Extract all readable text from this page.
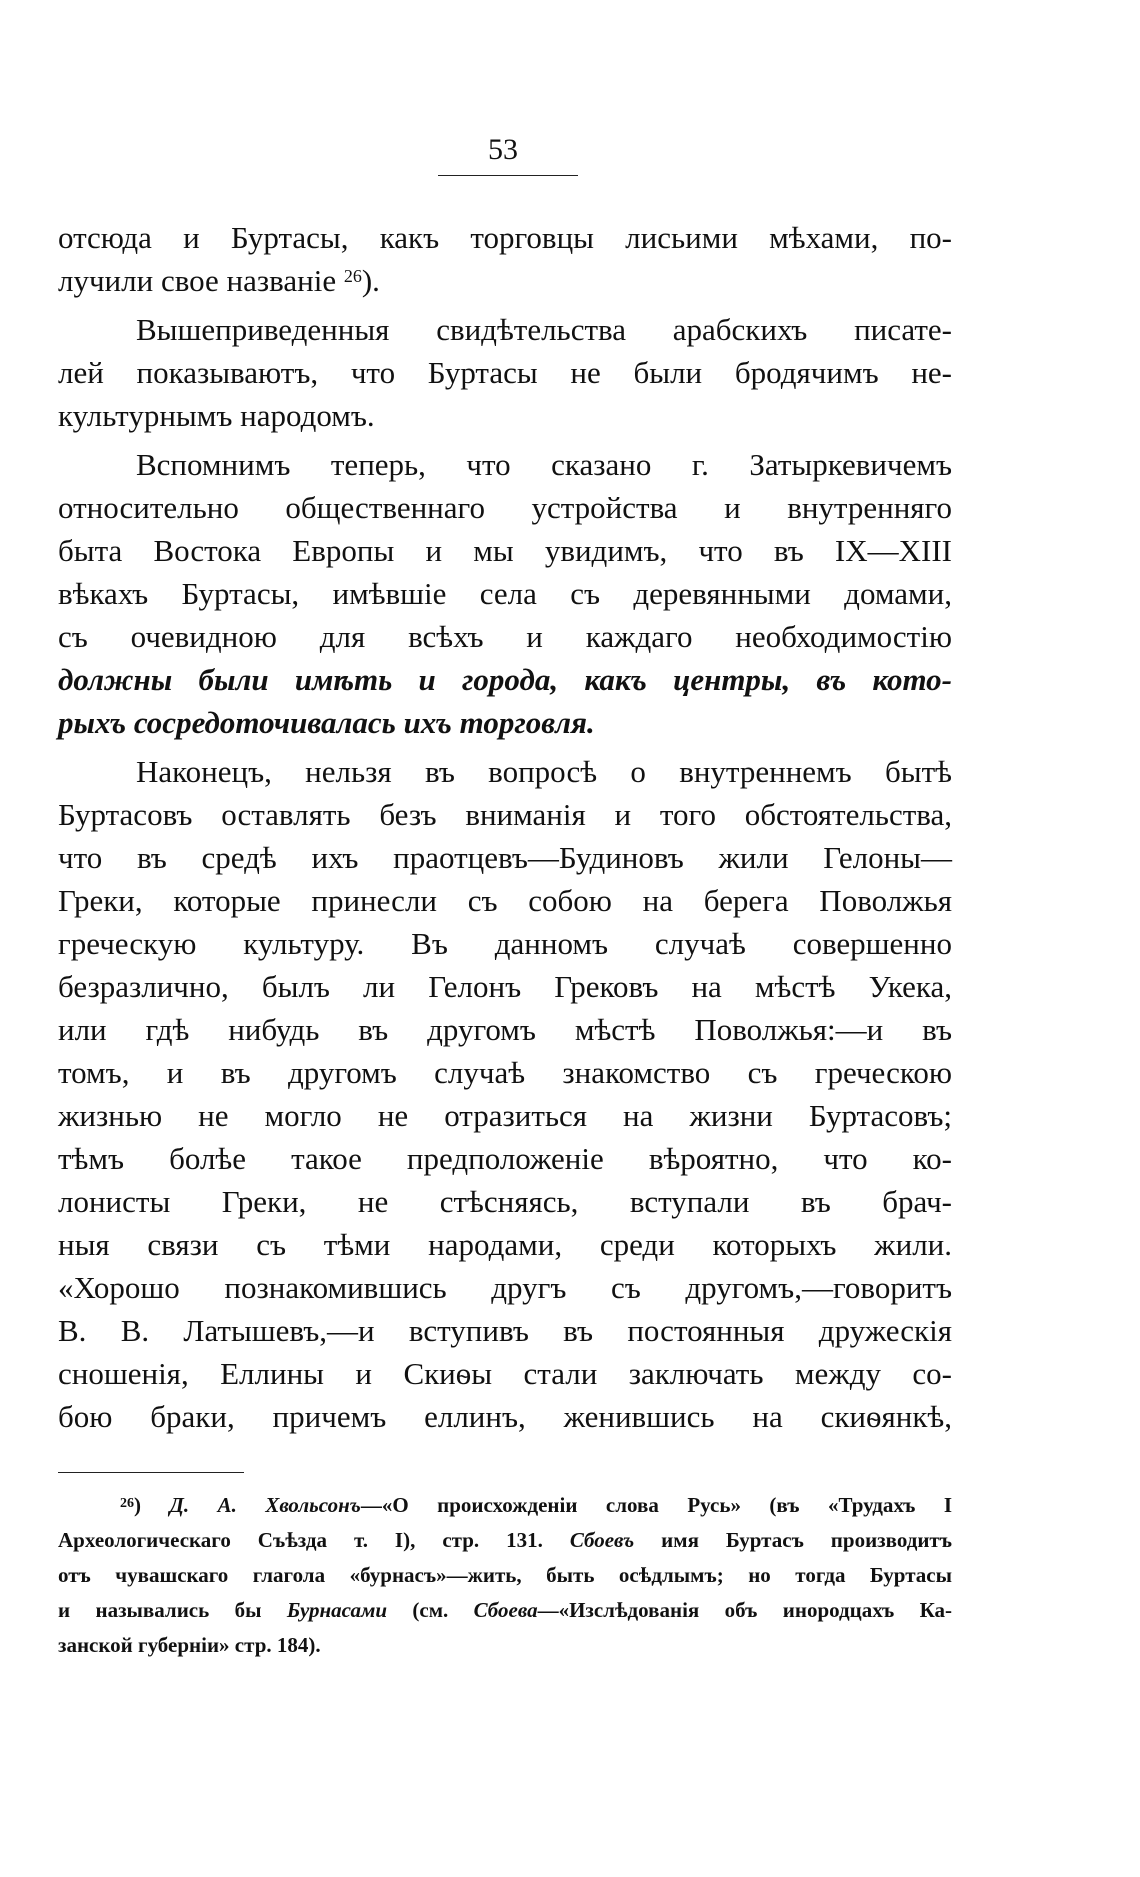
53
отсюда и Буртасы, какъ торговцы лисьими мѣхами, по-
лучили свое названіе $^{26}$).
Вышеприведенныя свидѣтельства арабскихъ писате-
лей показываютъ, что Буртасы не были бродячимъ не-
культурнымъ народомъ.
Вспомнимъ теперь, что сказано г. Затыркевичемъ
относительно общественнаго устройства и внутренняго
быта Востока Европы и мы увидимъ, что въ IX—XIII
вѣкахъ Буртасы, имѣвшіе села съ деревянными домами,
съ очевидною для всѣхъ и каждаго необходимостію
должны были имѣть и города, какъ центры, въ кото-
рыхъ сосредоточивалась ихъ торговля.
Наконецъ, нельзя въ вопросѣ о внутреннемъ бытѣ
Буртасовъ оставлять безъ вниманія и того обстоятельства,
что въ средѣ ихъ праотцевъ—Будиновъ жили Гелоны—
Греки, которые принесли съ собою на берега Поволжья
греческую культуру. Въ данномъ случаѣ совершенно
безразлично, былъ ли Гелонъ Грековъ на мѣстѣ Укека,
или гдѣ нибудь въ другомъ мѣстѣ Поволжья:—и въ
томъ, и въ другомъ случаѣ знакомство съ греческою
жизнью не могло не отразиться на жизни Буртасовъ;
тѣмъ болѣе такое предположеніе вѣроятно, что ко-
лонисты Греки, не стѣсняясь, вступали въ брач-
ныя связи съ тѣми народами, среди которыхъ жили.
«Хорошо познакомившись другъ съ другомъ,—говоритъ
В. В. Латышевъ,—и вступивъ въ постоянныя дружескія
сношенія, Еллины и Скиѳы стали заключать между со-
бою браки, причемъ еллинъ, женившись на скиѳянкѣ,
$^{26}$) Д. А. Хвольсонъ—«О происхожденіи слова Русь» (въ «Трудахъ I
Археологическаго Съѣзда т. I), стр. 131. Сбоевъ имя Буртасъ производитъ
отъ чувашскаго глагола «бурнасъ»—жить, быть осѣдлымъ; но тогда Буртасы
и назывались бы Бурнасами (см. Сбоева—«Изслѣдованія объ инородцахъ Ка-
занской губерніи» стр. 184).
